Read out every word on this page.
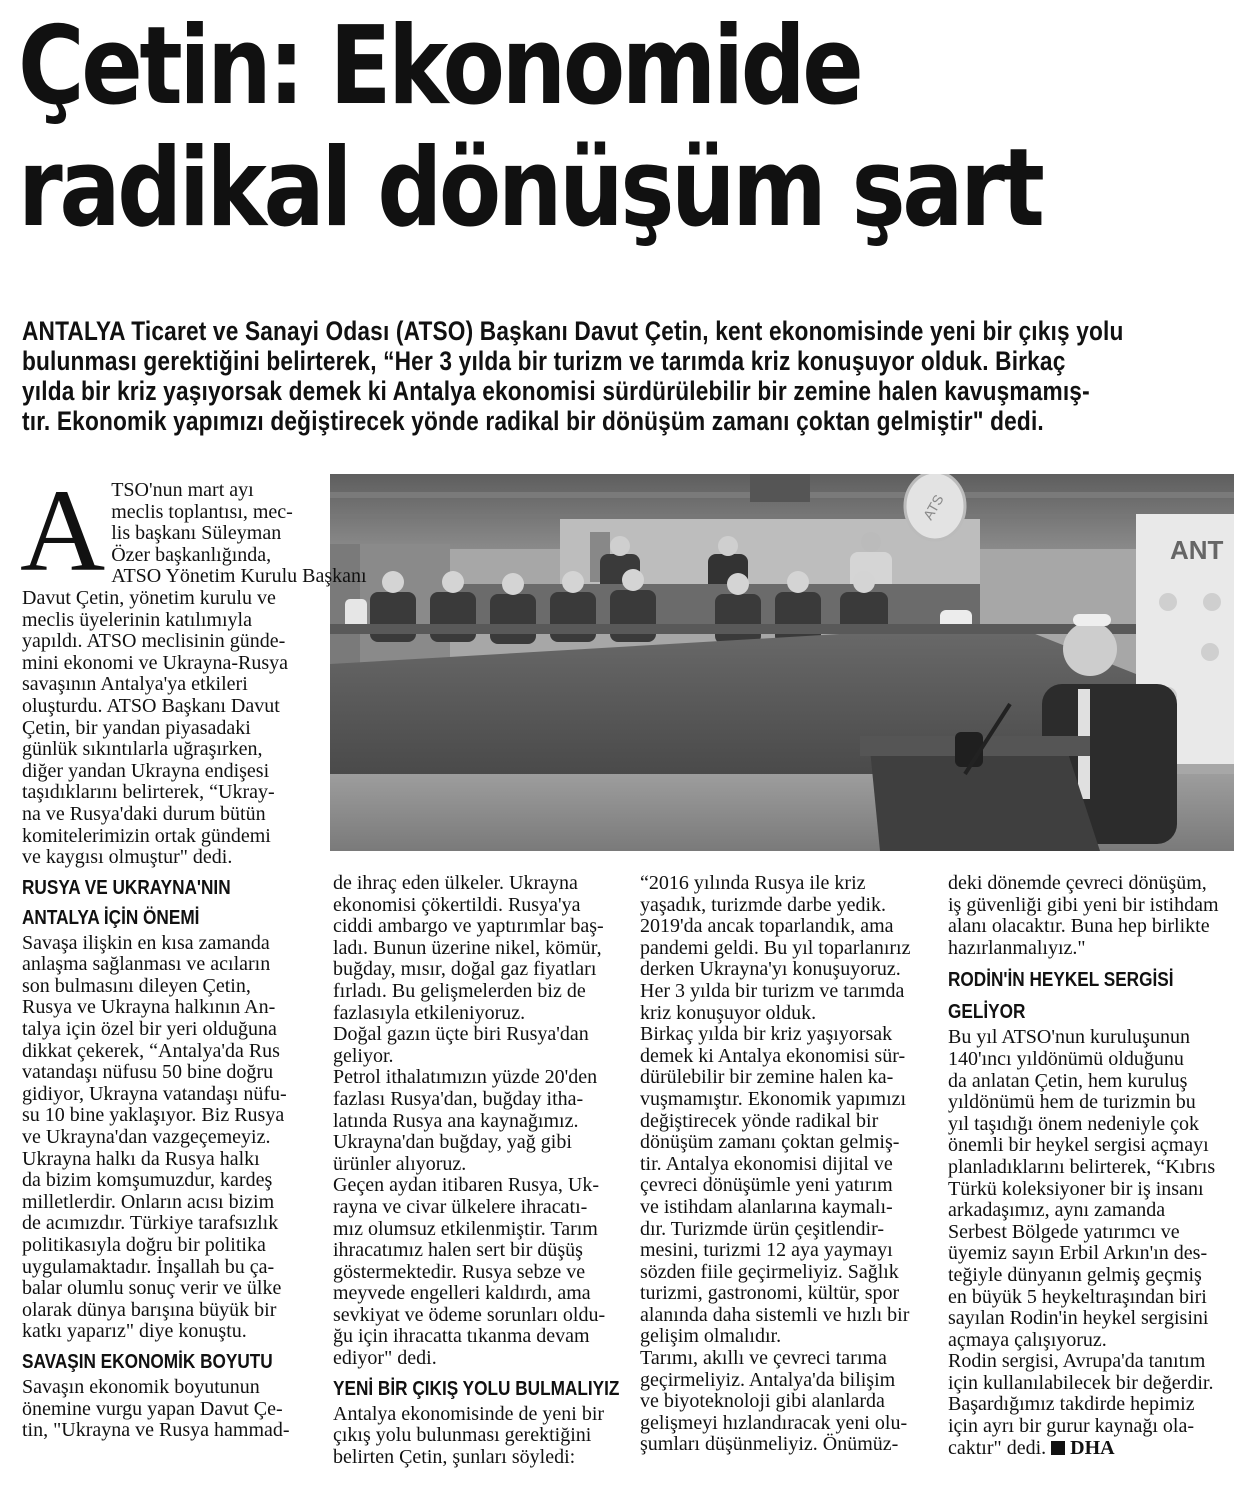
Çetin: Ekonomide
radikal dönüşüm şart
ANTALYA Ticaret ve Sanayi Odası (ATSO) Başkanı Davut Çetin, kent ekonomisinde yeni bir çıkış yolu
bulunması gerektiğini belirterek, “Her 3 yılda bir turizm ve tarımda kriz konuşuyor olduk. Birkaç
yılda bir kriz yaşıyorsak demek ki Antalya ekonomisi sürdürülebilir bir zemine halen kavuşmamış-
tır. Ekonomik yapımızı değiştirecek yönde radikal bir dönüşüm zamanı çoktan gelmiştir" dedi.
ATS
ANT
A TSO'nun mart ayı
meclis toplantısı, mec-
lis başkanı Süleyman
Özer başkanlığında,
ATSO Yönetim Kurulu Başkanı
Davut Çetin, yönetim kurulu ve
meclis üyelerinin katılımıyla
yapıldı. ATSO meclisinin günde-
mini ekonomi ve Ukrayna-Rusya
savaşının Antalya'ya etkileri
oluşturdu. ATSO Başkanı Davut
Çetin, bir yandan piyasadaki
günlük sıkıntılarla uğraşırken,
diğer yandan Ukrayna endişesi
taşıdıklarını belirterek, “Ukray-
na ve Rusya'daki durum bütün
komitelerimizin ortak gündemi
ve kaygısı olmuştur" dedi.

RUSYA VE UKRAYNA'NIN
ANTALYA İÇİN ÖNEMİ

Savaşa ilişkin en kısa zamanda
anlaşma sağlanması ve acıların
son bulmasını dileyen Çetin,
Rusya ve Ukrayna halkının An-
talya için özel bir yeri olduğuna
dikkat çekerek, “Antalya'da Rus
vatandaşı nüfusu 50 bine doğru
gidiyor, Ukrayna vatandaşı nüfu-
su 10 bine yaklaşıyor. Biz Rusya
ve Ukrayna'dan vazgeçemeyiz.
Ukrayna halkı da Rusya halkı
da bizim komşumuzdur, kardeş
milletlerdir. Onların acısı bizim
de acımızdır. Türkiye tarafsızlık
politikasıyla doğru bir politika
uygulamaktadır. İnşallah bu ça-
balar olumlu sonuç verir ve ülke
olarak dünya barışına büyük bir
katkı yaparız" diye konuştu.

SAVAŞIN EKONOMİK BOYUTU

Savaşın ekonomik boyutunun
önemine vurgu yapan Davut Çe-
tin, "Ukrayna ve Rusya hammad-

de ihraç eden ülkeler. Ukrayna
ekonomisi çökertildi. Rusya'ya
ciddi ambargo ve yaptırımlar baş-
ladı. Bunun üzerine nikel, kömür,
buğday, mısır, doğal gaz fiyatları
fırladı. Bu gelişmelerden biz de
fazlasıyla etkileniyoruz.
Doğal gazın üçte biri Rusya'dan
geliyor.
Petrol ithalatımızın yüzde 20'den
fazlası Rusya'dan, buğday itha-
latında Rusya ana kaynağımız.
Ukrayna'dan buğday, yağ gibi
ürünler alıyoruz.
Geçen aydan itibaren Rusya, Uk-
rayna ve civar ülkelere ihracatı-
mız olumsuz etkilenmiştir. Tarım
ihracatımız halen sert bir düşüş
göstermektedir. Rusya sebze ve
meyvede engelleri kaldırdı, ama
sevkiyat ve ödeme sorunları oldu-
ğu için ihracatta tıkanma devam
ediyor" dedi.

YENİ BİR ÇIKIŞ YOLU BULMALIYIZ

Antalya ekonomisinde de yeni bir
çıkış yolu bulunması gerektiğini
belirten Çetin, şunları söyledi:

“2016 yılında Rusya ile kriz
yaşadık, turizmde darbe yedik.
2019'da ancak toparlandık, ama
pandemi geldi. Bu yıl toparlanırız
derken Ukrayna'yı konuşuyoruz.
Her 3 yılda bir turizm ve tarımda
kriz konuşuyor olduk.
Birkaç yılda bir kriz yaşıyorsak
demek ki Antalya ekonomisi sür-
dürülebilir bir zemine halen ka-
vuşmamıştır. Ekonomik yapımızı
değiştirecek yönde radikal bir
dönüşüm zamanı çoktan gelmiş-
tir. Antalya ekonomisi dijital ve
çevreci dönüşümle yeni yatırım
ve istihdam alanlarına kaymalı-
dır. Turizmde ürün çeşitlendir-
mesini, turizmi 12 aya yaymayı
sözden fiile geçirmeliyiz. Sağlık
turizmi, gastronomi, kültür, spor
alanında daha sistemli ve hızlı bir
gelişim olmalıdır.
Tarımı, akıllı ve çevreci tarıma
geçirmeliyiz. Antalya'da bilişim
ve biyoteknoloji gibi alanlarda
gelişmeyi hızlandıracak yeni olu-
şumları düşünmeliyiz. Önümüz-

deki dönemde çevreci dönüşüm,
iş güvenliği gibi yeni bir istihdam
alanı olacaktır. Buna hep birlikte
hazırlanmalıyız."

RODİN'İN HEYKEL SERGİSİ
GELİYOR

Bu yıl ATSO'nun kuruluşunun
140'ıncı yıldönümü olduğunu
da anlatan Çetin, hem kuruluş
yıldönümü hem de turizmin bu
yıl taşıdığı önem nedeniyle çok
önemli bir heykel sergisi açmayı
planladıklarını belirterek, “Kıbrıs
Türkü koleksiyoner bir iş insanı
arkadaşımız, aynı zamanda
Serbest Bölgede yatırımcı ve
üyemiz sayın Erbil Arkın'ın des-
teğiyle dünyanın gelmiş geçmiş
en büyük 5 heykeltıraşından biri
sayılan Rodin'in heykel sergisini
açmaya çalışıyoruz.
Rodin sergisi, Avrupa'da tanıtım
için kullanılabilecek bir değerdir.
Başardığımız takdirde hepimiz
için ayrı bir gurur kaynağı ola-
caktır" dedi. DHA
